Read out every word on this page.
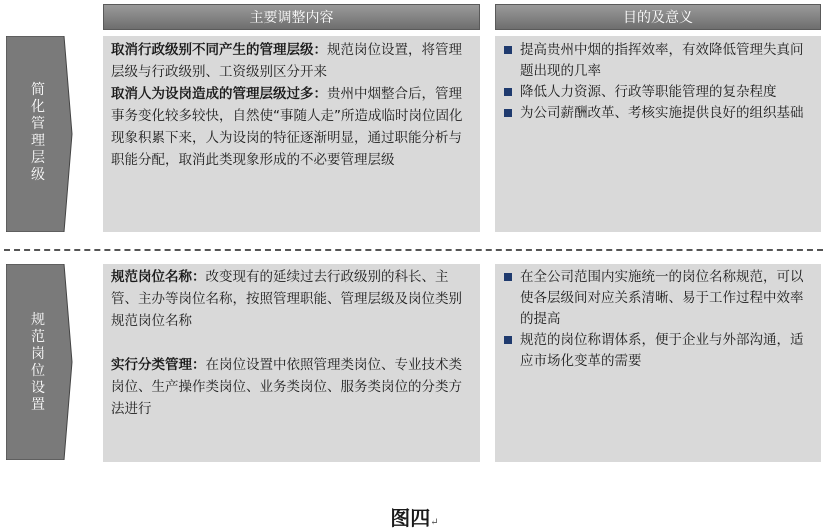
主要调整内容	目的及意义
简化管理层级

取消行政级别不同产生的管理层级：规范岗位设置，将管理层级与行政级别、工资级别区分开来

取消人为设岗造成的管理层级过多：贵州中烟整合后，管理事务变化较多较快，自然使“事随人走”所造成临时岗位固化现象积累下来，人为设岗的特征逐渐明显，通过职能分析与职能分配，取消此类现象形成的不必要管理层级

提高贵州中烟的指挥效率，有效降低管理失真问题出现的几率
降低人力资源、行政等职能管理的复杂程度
为公司薪酬改革、考核实施提供良好的组织基础
规范岗位设置

规范岗位名称：改变现有的延续过去行政级别的科长、主管、主办等岗位名称，按照管理职能、管理层级及岗位类别规范岗位名称

实行分类管理：在岗位设置中依照管理类岗位、专业技术类岗位、生产操作类岗位、业务类岗位、服务类岗位的分类方法进行

在全公司范围内实施统一的岗位名称规范，可以使各层级间对应关系清晰、易于工作过程中效率的提高
规范的岗位称谓体系，便于企业与外部沟通，适应市场化变革的需要
图四↵
